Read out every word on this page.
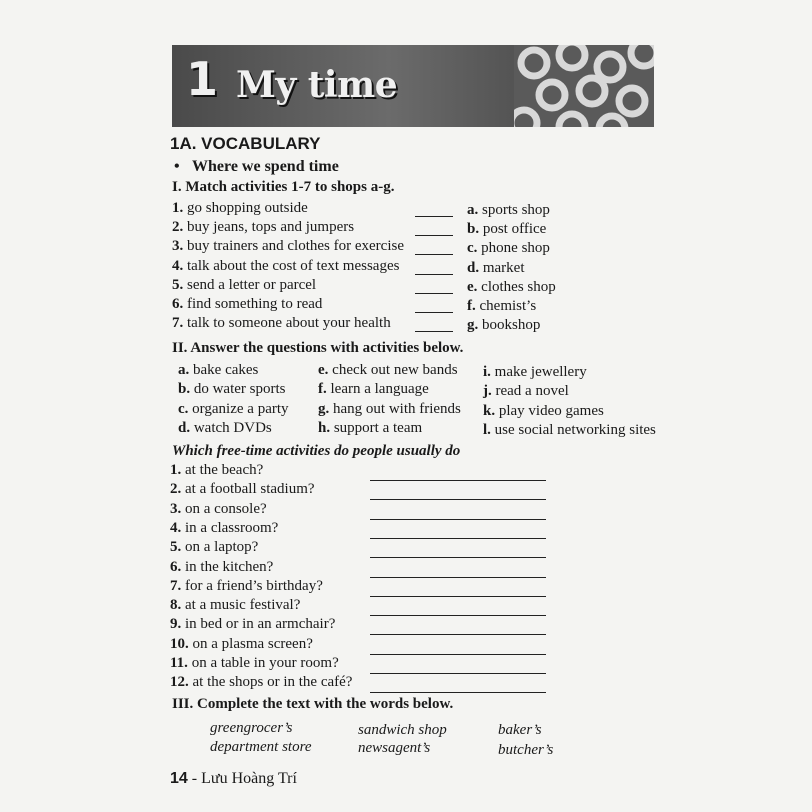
1 My time
1A. VOCABULARY
• Where we spend time
I. Match activities 1-7 to shops a-g.
1. go shopping outside
2. buy jeans, tops and jumpers
3. buy trainers and clothes for exercise
4. talk about the cost of text messages
5. send a letter or parcel
6. find something to read
7. talk to someone about your health
a. sports shop
b. post office
c. phone shop
d. market
e. clothes shop
f. chemist’s
g. bookshop
II. Answer the questions with activities below.
a. bake cakes
b. do water sports
c. organize a party
d. watch DVDs
e. check out new bands
f. learn a language
g. hang out with friends
h. support a team
i. make jewellery
j. read a novel
k. play video games
l. use social networking sites
Which free-time activities do people usually do
1. at the beach?
2. at a football stadium?
3. on a console?
4. in a classroom?
5. on a laptop?
6. in the kitchen?
7. for a friend’s birthday?
8. at a music festival?
9. in bed or in an armchair?
10. on a plasma screen?
11. on a table in your room?
12. at the shops or in the café?
III. Complete the text with the words below.
greengrocer’s	sandwich shop	baker’s
department store	newsagent’s	butcher’s
14 - Lưu Hoàng Trí
